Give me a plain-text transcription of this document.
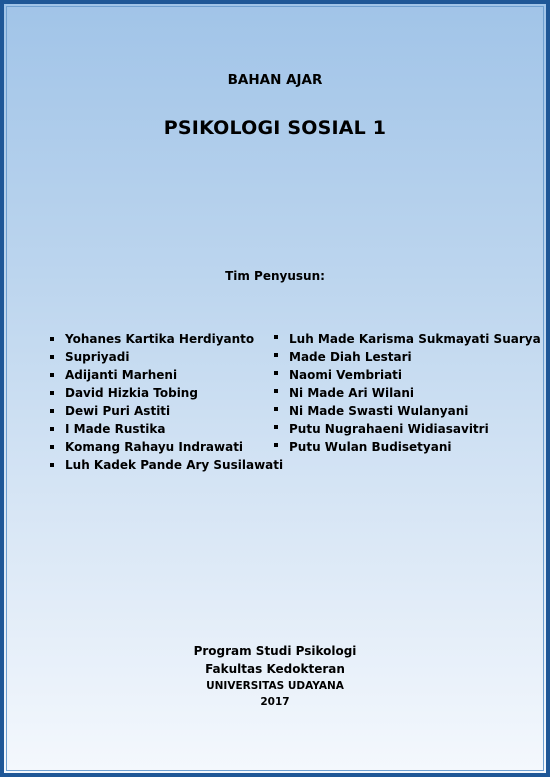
BAHAN AJAR
PSIKOLOGI SOSIAL 1
Tim Penyusun:
Yohanes Kartika Herdiyanto
Supriyadi
Adijanti Marheni
David Hizkia Tobing
Dewi Puri Astiti
I Made Rustika
Komang Rahayu Indrawati
Luh Kadek Pande Ary Susilawati
Luh Made Karisma Sukmayati Suarya
Made Diah Lestari
Naomi Vembriati
Ni Made Ari Wilani
Ni Made Swasti Wulanyani
Putu Nugrahaeni Widiasavitri
Putu Wulan Budisetyani
Program Studi Psikologi
Fakultas Kedokteran
UNIVERSITAS UDAYANA
2017
